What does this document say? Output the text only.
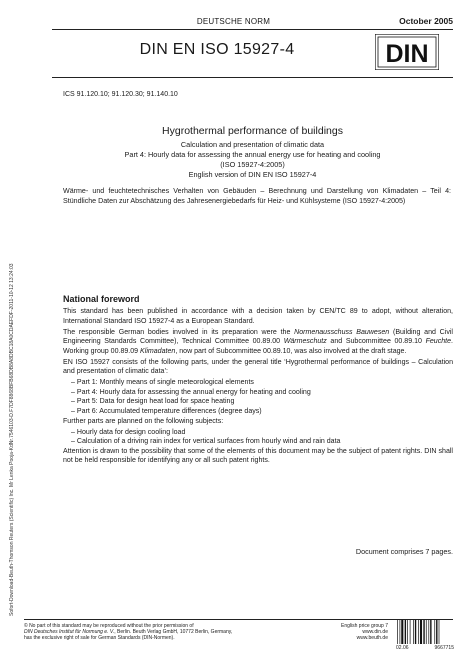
DEUTSCHE NORM	October 2005
DIN EN ISO 15927-4	DIN
ICS 91.120.10; 91.120.30; 91.140.10
Hygrothermal performance of buildings
Calculation and presentation of climatic data
Part 4: Hourly data for assessing the annual energy use for heating and cooling
(ISO 15927-4:2005)
English version of DIN EN ISO 15927-4
Wärme- und feuchtetechnisches Verhalten von Gebäuden – Berechnung und Darstellung von Klimadaten – Teil 4: Stündliche Daten zur Abschätzung des Jahresenergiebedarfs für Heiz- und Kühlsysteme (ISO 15927-4:2005)
National foreword

This standard has been published in accordance with a decision taken by CEN/TC 89 to adopt, without alteration, International Standard ISO 15927-4 as a European Standard.

The responsible German bodies involved in its preparation were the Normenausschuss Bauwesen (Building and Civil Engineering Standards Committee), Technical Committee 00.89.00 Wärmeschutz and Subcommittee 00.89.10 Feuchte. Working group 00.89.09 Klimadaten, now part of Subcommittee 00.89.10, was also involved at the draft stage.

EN ISO 15927 consists of the following parts, under the general title ‘Hygrothermal performance of buildings – Calculation and presentation of climatic data’:

– Part 1: Monthly means of single meteorological elements
– Part 4: Hourly data for assessing the annual energy for heating and cooling
– Part 5: Data for design heat load for space heating
– Part 6: Accumulated temperature differences (degree days)

Further parts are planned on the following subjects:

– Hourly data for design cooling load
– Calculation of a driving rain index for vertical surfaces from hourly wind and rain data

Attention is drawn to the possibility that some of the elements of this document may be the subject of patent rights. DIN shall not be held responsible for identifying any or all such patent rights.

Document comprises 7 pages.
Sofort-Download-Beuth-Thomson Reuters (Scientific) Inc. Mr Lenka Pooja-KdNr.7546103-D.F7DF8868BFB68DB8A8DBC18A0CDAEFDF-2011-10-12 13:24:03
© No part of this standard may be reproduced without the prior permission of
DIN Deutsches Institut für Normung e. V., Berlin. Beuth Verlag GmbH, 10772 Berlin, Germany,
has the exclusive right of sale for German Standards (DIN-Normen).
English price group 7
www.din.de
www.beuth.de
02.06	9667715
